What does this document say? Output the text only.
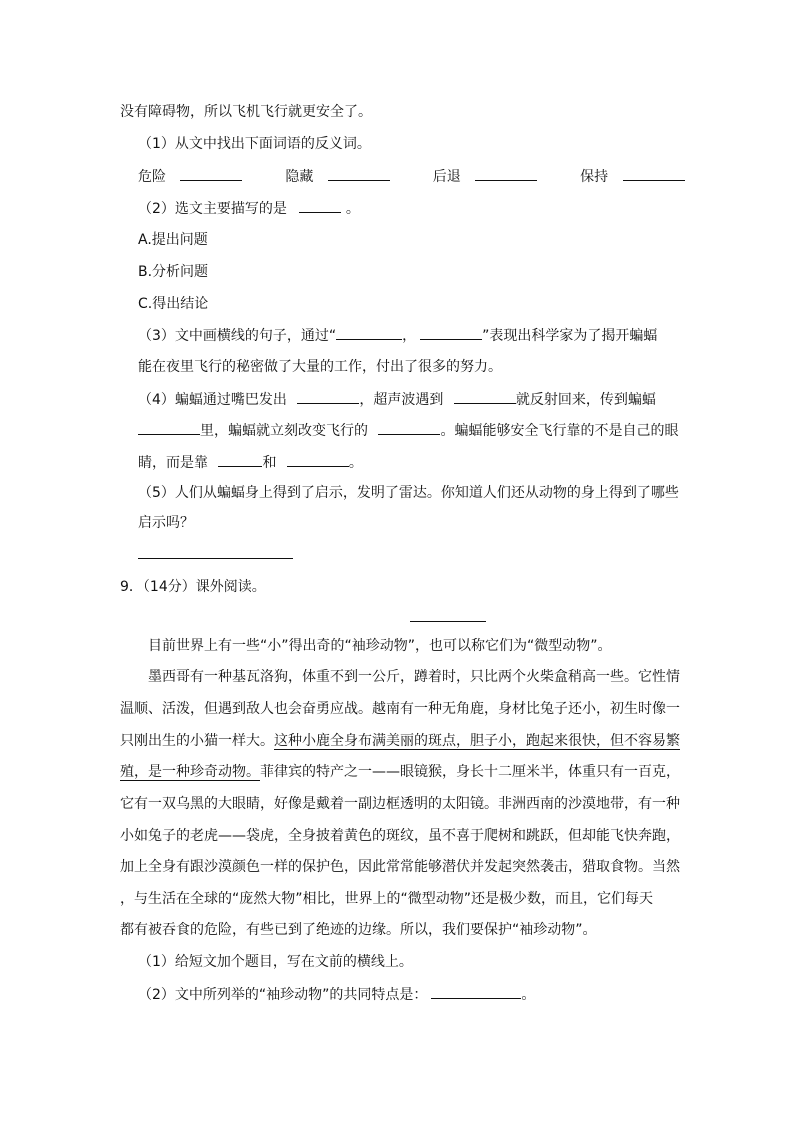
没有障碍物，所以飞机飞行就更安全了。
（1）从文中找出下面词语的反义词。
危险	隐藏	后退	保持
（2）选文主要描写的是	。
A.提出问题
B.分析问题
C.得出结论
（3）文中画横线的句子，通过“	，	”表现出科学家为了揭开蝙蝠
能在夜里飞行的秘密做了大量的工作，付出了很多的努力。
（4）蝙蝠通过嘴巴发出	，超声波遇到	就反射回来，传到蝙蝠
里，蝙蝠就立刻改变飞行的	。蝙蝠能够安全飞行靠的不是自己的眼
睛，而是靠	和	。
（5）人们从蝙蝠身上得到了启示，发明了雷达。你知道人们还从动物的身上得到了哪些
启示吗？
9．（14分）课外阅读。
目前世界上有一些“小”得出奇的“袖珍动物”，也可以称它们为“微型动物”。
墨西哥有一种基瓦洛狗，体重不到一公斤，蹲着时，只比两个火柴盒稍高一些。它性情
温顺、活泼，但遇到敌人也会奋勇应战。越南有一种无角鹿，身材比兔子还小，初生时像一
只刚出生的小猫一样大。这种小鹿全身布满美丽的斑点，胆子小，跑起来很快，但不容易繁
殖，是一种珍奇动物。菲律宾的特产之一——眼镜猴，身长十二厘米半，体重只有一百克，
它有一双乌黑的大眼睛，好像是戴着一副边框透明的太阳镜。非洲西南的沙漠地带，有一种
小如兔子的老虎——袋虎，全身披着黄色的斑纹，虽不喜于爬树和跳跃，但却能飞快奔跑，
加上全身有跟沙漠颜色一样的保护色，因此常常能够潜伏并发起突然袭击，猎取食物。当然
，与生活在全球的“庞然大物”相比，世界上的“微型动物”还是极少数，而且，它们每天
都有被吞食的危险，有些已到了绝迹的边缘。所以，我们要保护“袖珍动物”。
（1）给短文加个题目，写在文前的横线上。
（2）文中所列举的“袖珍动物”的共同特点是：	。
